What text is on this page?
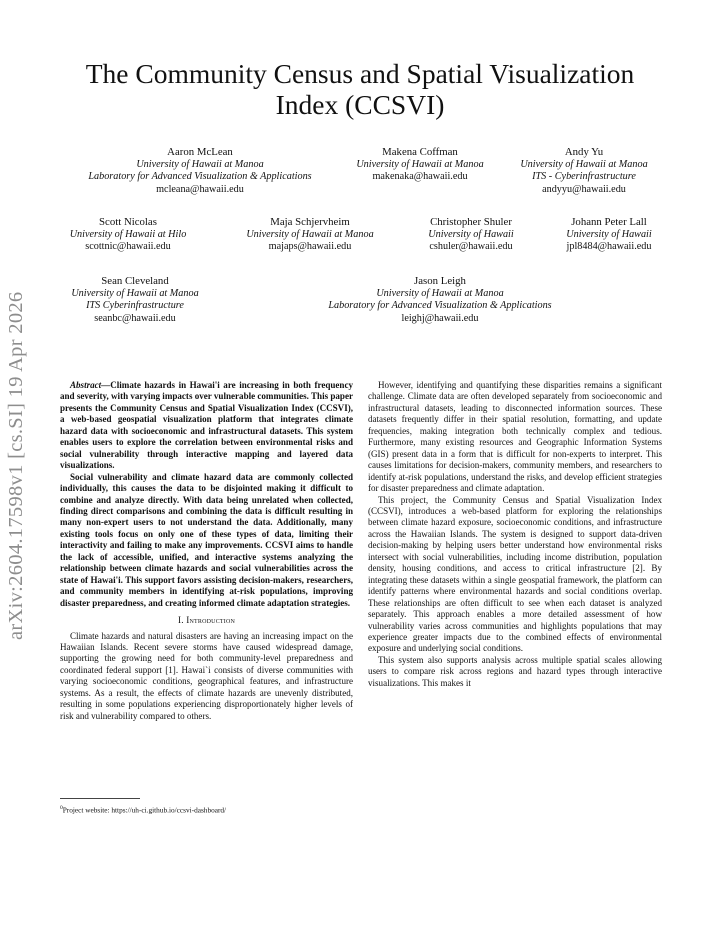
arXiv:2604.17598v1 [cs.SI] 19 Apr 2026
The Community Census and Spatial Visualization Index (CCSVI)
Aaron McLean
University of Hawaii at Manoa
Laboratory for Advanced Visualization & Applications
mcleana@hawaii.edu
Makena Coffman
University of Hawaii at Manoa
makenaka@hawaii.edu
Andy Yu
University of Hawaii at Manoa
ITS - Cyberinfrastructure
andyyu@hawaii.edu
Scott Nicolas
University of Hawaii at Hilo
scottnic@hawaii.edu
Maja Schjervheim
University of Hawaii at Manoa
majaps@hawaii.edu
Christopher Shuler
University of Hawaii
cshuler@hawaii.edu
Johann Peter Lall
University of Hawaii
jpl8484@hawaii.edu
Sean Cleveland
University of Hawaii at Manoa
ITS Cyberinfrastructure
seanbc@hawaii.edu
Jason Leigh
University of Hawaii at Manoa
Laboratory for Advanced Visualization & Applications
leighj@hawaii.edu

Abstract—Climate hazards in Hawai'i are increasing in both frequency and severity, with varying impacts over vulnerable communities. This paper presents the Community Census and Spatial Visualization Index (CCSVI), a web-based geospatial visualization platform that integrates climate hazard data with socioeconomic and infrastructural datasets. This system enables users to explore the correlation between environmental risks and social vulnerability through interactive mapping and layered data visualizations.

Social vulnerability and climate hazard data are commonly collected individually, this causes the data to be disjointed making it difficult to combine and analyze directly. With data being unrelated when collected, finding direct comparisons and combining the data is difficult resulting in many non-expert users to not understand the data. Additionally, many existing tools focus on only one of these types of data, limiting their interactivity and failing to make any improvements. CCSVI aims to handle the lack of accessible, unified, and interactive systems analyzing the relationship between climate hazards and social vulnerabilities across the state of Hawai'i. This support favors assisting decision-makers, researchers, and community members in identifying at-risk populations, improving disaster preparedness, and creating informed climate adaptation strategies.

I. Introduction

Climate hazards and natural disasters are having an increasing impact on the Hawaiian Islands. Recent severe storms have caused widespread damage, supporting the growing need for both community-level preparedness and coordinated federal support [1]. Hawai`i consists of diverse communities with varying socioeconomic conditions, geographical features, and infrastructure systems. As a result, the effects of climate hazards are unevenly distributed, resulting in some populations experiencing disproportionately higher levels of risk and vulnerability compared to others.

$^0$Project website: https://uh-ci.github.io/ccsvi-dashboard/

However, identifying and quantifying these disparities remains a significant challenge. Climate data are often developed separately from socioeconomic and infrastructural datasets, leading to disconnected information sources. These datasets frequently differ in their spatial resolution, formatting, and update frequencies, making integration both technically complex and tedious. Furthermore, many existing resources and Geographic Information Systems (GIS) present data in a form that is difficult for non-experts to interpret. This causes limitations for decision-makers, community members, and researchers to identify at-risk populations, understand the risks, and develop efficient strategies for disaster preparedness and climate adaptation.

This project, the Community Census and Spatial Visualization Index (CCSVI), introduces a web-based platform for exploring the relationships between climate hazard exposure, socioeconomic conditions, and infrastructure across the Hawaiian Islands. The system is designed to support data-driven decision-making by helping users better understand how environmental risks intersect with social vulnerabilities, including income distribution, population density, housing conditions, and access to critical infrastructure [2]. By integrating these datasets within a single geospatial framework, the platform can identify patterns where environmental hazards and social conditions overlap. These relationships are often difficult to see when each dataset is analyzed separately. This approach enables a more detailed assessment of how vulnerability varies across communities and highlights populations that may experience greater impacts due to the combined effects of environmental exposure and underlying social conditions.

This system also supports analysis across multiple spatial scales allowing users to compare risk across regions and hazard types through interactive visualizations. This makes it
